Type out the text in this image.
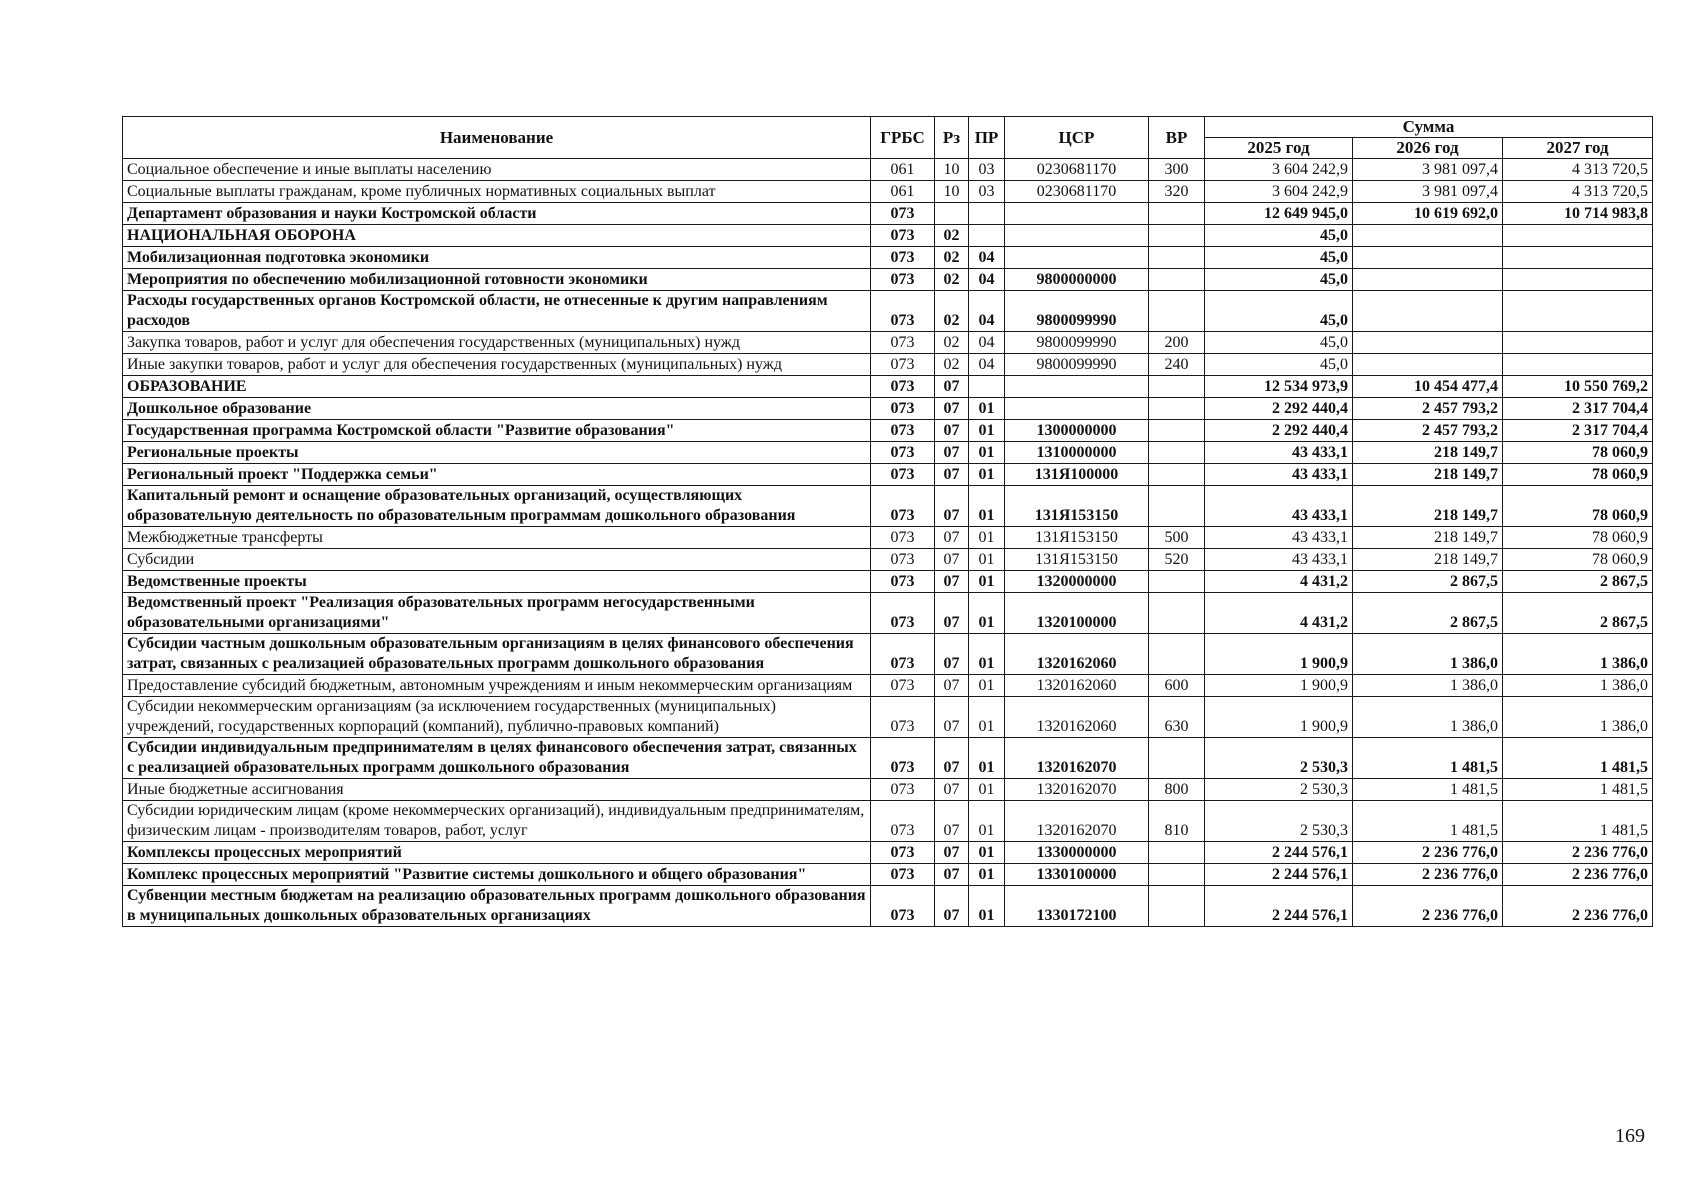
Наименование	ГРБС	Рз	ПР	ЦСР	ВР	Сумма		
						2025 год	2026 год	2027 год
Социальное обеспечение и иные выплаты населению	061	10	03	0230681170	300	3 604 242,9	3 981 097,4	4 313 720,5
Социальные выплаты гражданам, кроме публичных нормативных социальных выплат	061	10	03	0230681170	320	3 604 242,9	3 981 097,4	4 313 720,5
Департамент образования и науки Костромской области	073					12 649 945,0	10 619 692,0	10 714 983,8
НАЦИОНАЛЬНАЯ ОБОРОНА	073	02				45,0		
Мобилизационная подготовка экономики	073	02	04			45,0		
Мероприятия по обеспечению мобилизационной готовности экономики	073	02	04	9800000000		45,0		
Расходы государственных органов Костромской области, не отнесенные к другим направлениям расходов	073	02	04	9800099990		45,0		
Закупка товаров, работ и услуг для обеспечения государственных (муниципальных) нужд	073	02	04	9800099990	200	45,0		
Иные закупки товаров, работ и услуг для обеспечения государственных (муниципальных) нужд	073	02	04	9800099990	240	45,0		
ОБРАЗОВАНИЕ	073	07				12 534 973,9	10 454 477,4	10 550 769,2
Дошкольное образование	073	07	01			2 292 440,4	2 457 793,2	2 317 704,4
Государственная программа Костромской области "Развитие образования"	073	07	01	1300000000		2 292 440,4	2 457 793,2	2 317 704,4
Региональные проекты	073	07	01	1310000000		43 433,1	218 149,7	78 060,9
Региональный проект "Поддержка семьи"	073	07	01	131Я100000		43 433,1	218 149,7	78 060,9
Капитальный ремонт и оснащение образовательных организаций, осуществляющих образовательную деятельность по образовательным программам дошкольного образования	073	07	01	131Я153150		43 433,1	218 149,7	78 060,9
Межбюджетные трансферты	073	07	01	131Я153150	500	43 433,1	218 149,7	78 060,9
Субсидии	073	07	01	131Я153150	520	43 433,1	218 149,7	78 060,9
Ведомственные проекты	073	07	01	1320000000		4 431,2	2 867,5	2 867,5
Ведомственный проект "Реализация образовательных программ негосударственными образовательными организациями"	073	07	01	1320100000		4 431,2	2 867,5	2 867,5
Субсидии частным дошкольным образовательным организациям в целях финансового обеспечения затрат, связанных с реализацией образовательных программ дошкольного образования	073	07	01	1320162060		1 900,9	1 386,0	1 386,0
Предоставление субсидий бюджетным, автономным учреждениям и иным некоммерческим организациям	073	07	01	1320162060	600	1 900,9	1 386,0	1 386,0
Субсидии некоммерческим организациям (за исключением государственных (муниципальных) учреждений, государственных корпораций (компаний), публично-правовых компаний)	073	07	01	1320162060	630	1 900,9	1 386,0	1 386,0
Субсидии индивидуальным предпринимателям в целях финансового обеспечения затрат, связанных с реализацией образовательных программ дошкольного образования	073	07	01	1320162070		2 530,3	1 481,5	1 481,5
Иные бюджетные ассигнования	073	07	01	1320162070	800	2 530,3	1 481,5	1 481,5
Субсидии юридическим лицам (кроме некоммерческих организаций), индивидуальным предпринимателям, физическим лицам - производителям товаров, работ, услуг	073	07	01	1320162070	810	2 530,3	1 481,5	1 481,5
Комплексы процессных мероприятий	073	07	01	1330000000		2 244 576,1	2 236 776,0	2 236 776,0
Комплекс процессных мероприятий "Развитие системы дошкольного и общего образования"	073	07	01	1330100000		2 244 576,1	2 236 776,0	2 236 776,0
Субвенции местным бюджетам на реализацию образовательных программ дошкольного образования в муниципальных дошкольных образовательных организациях	073	07	01	1330172100		2 244 576,1	2 236 776,0	2 236 776,0
169
